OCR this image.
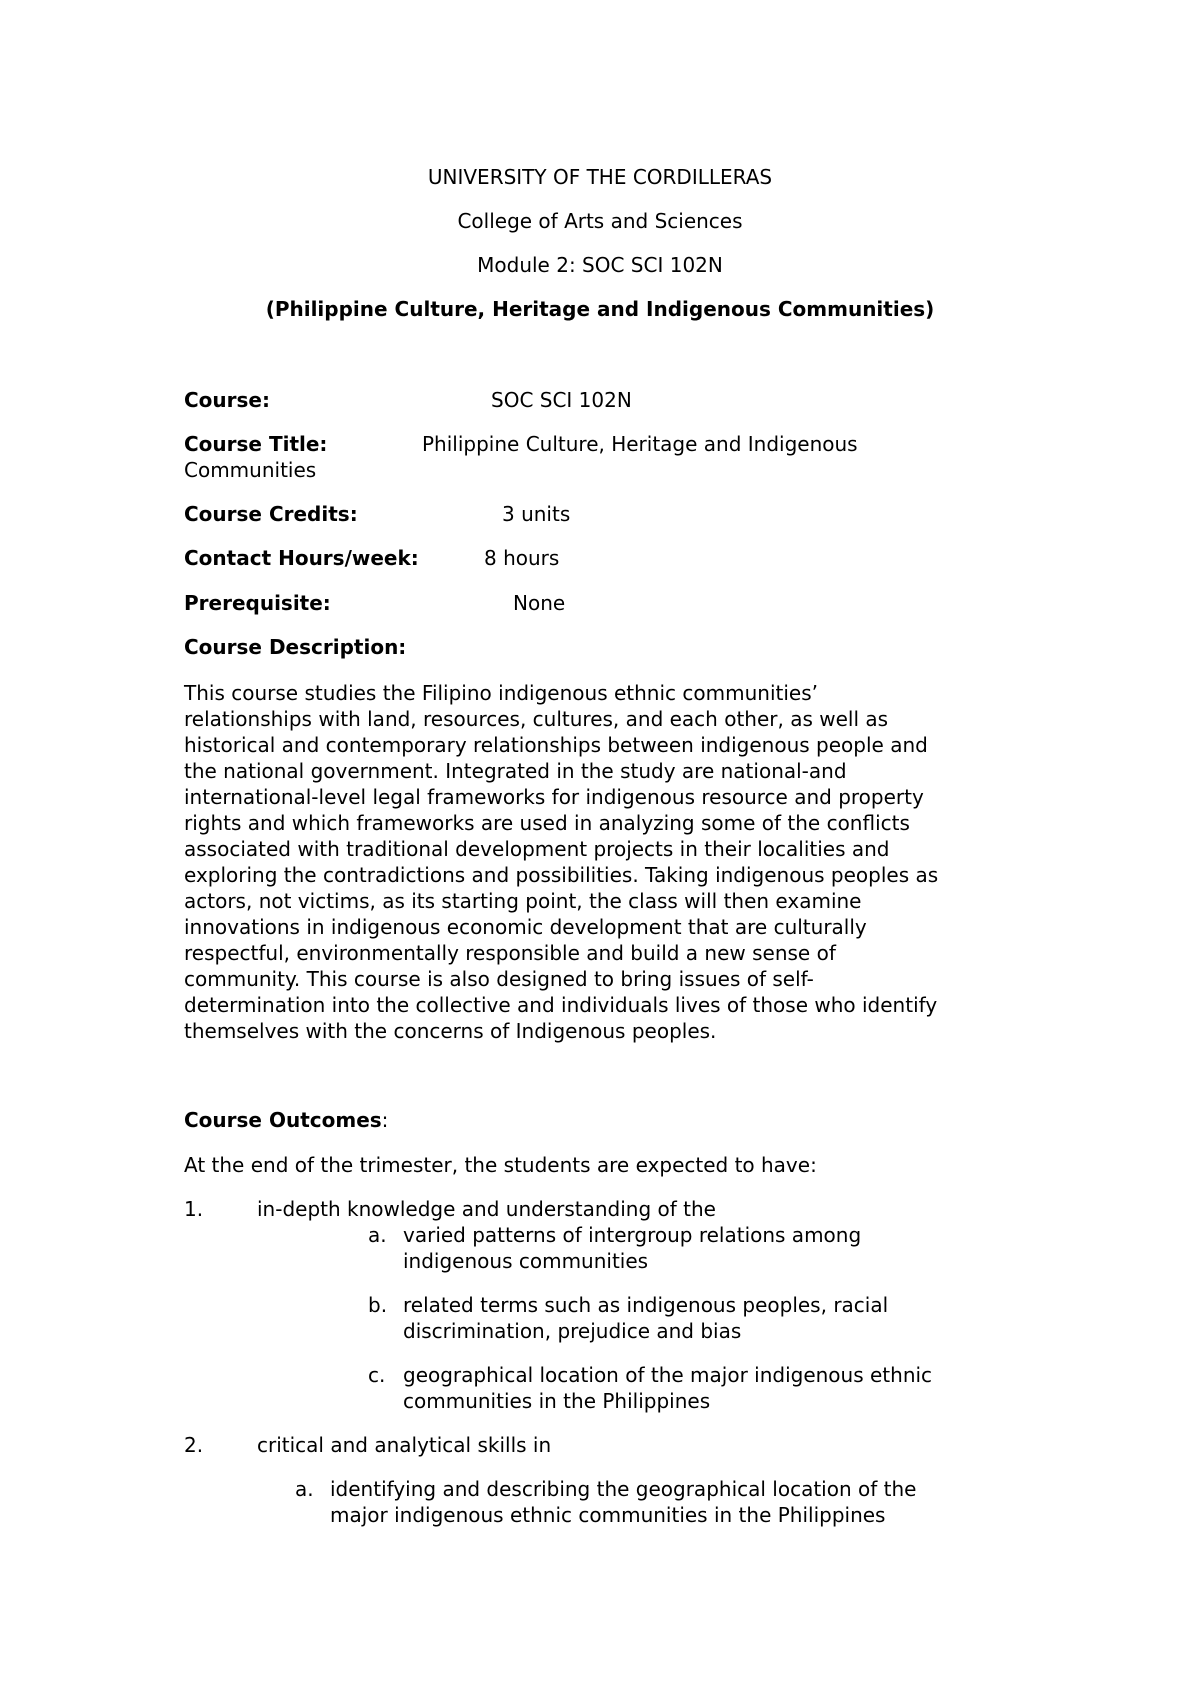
UNIVERSITY OF THE CORDILLERAS
College of Arts and Sciences
Module 2: SOC SCI 102N
(Philippine Culture, Heritage and Indigenous Communities)
Course:	SOC SCI 102N
Course Title:	Philippine Culture, Heritage and Indigenous
Communities
Course Credits:	3 units
Contact Hours/week:	8 hours
Prerequisite:	None
Course Description:
This course studies the Filipino indigenous ethnic communities’
relationships with land, resources, cultures, and each other, as well as
historical and contemporary relationships between indigenous people and
the national government. Integrated in the study are national-and
international-level legal frameworks for indigenous resource and property
rights and which frameworks are used in analyzing some of the conflicts
associated with traditional development projects in their localities and
exploring the contradictions and possibilities. Taking indigenous peoples as
actors, not victims, as its starting point, the class will then examine
innovations in indigenous economic development that are culturally
respectful, environmentally responsible and build a new sense of
community. This course is also designed to bring issues of self-
determination into the collective and individuals lives of those who identify
themselves with the concerns of Indigenous peoples.
Course Outcomes:
At the end of the trimester, the students are expected to have:
1.	in-depth knowledge and understanding of the
a. varied patterns of intergroup relations among
indigenous communities
b. related terms such as indigenous peoples, racial
discrimination, prejudice and bias
c. geographical location of the major indigenous ethnic
communities in the Philippines
2.	critical and analytical skills in
a. identifying and describing the geographical location of the
major indigenous ethnic communities in the Philippines
